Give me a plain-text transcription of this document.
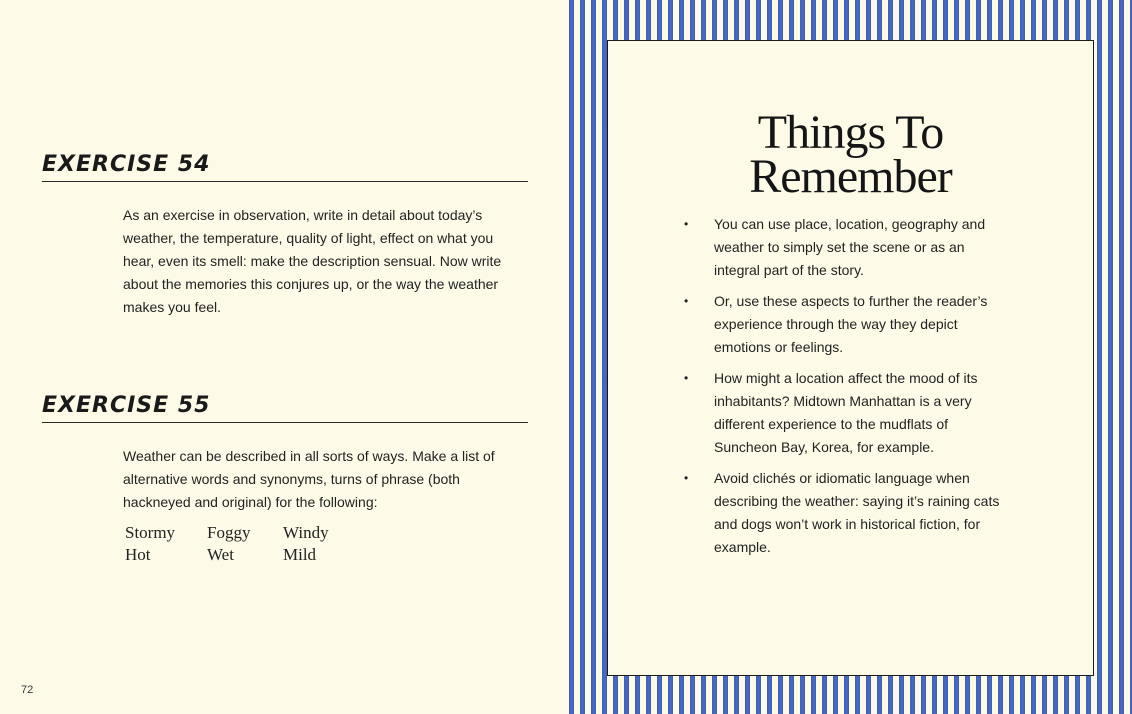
EXERCISE 54
As an exercise in observation, write in detail about today’s weather, the temperature, quality of light, effect on what you hear, even its smell: make the description sensual. Now write about the memories this conjures up, or the way the weather makes you feel.
EXERCISE 55
Weather can be described in all sorts of ways. Make a list of alternative words and synonyms, turns of phrase (both hackneyed and original) for the following:
Stormy	Foggy	Windy
Hot	Wet	Mild
72
Things To
Remember
• You can use place, location, geography and weather to simply set the scene or as an integral part of the story.
• Or, use these aspects to further the reader’s experience through the way they depict emotions or feelings.
• How might a location affect the mood of its inhabitants? Midtown Manhattan is a very different experience to the mudflats of Suncheon Bay, Korea, for example.
• Avoid clichés or idiomatic language when describing the weather: saying it’s raining cats and dogs won’t work in historical fiction, for example.
